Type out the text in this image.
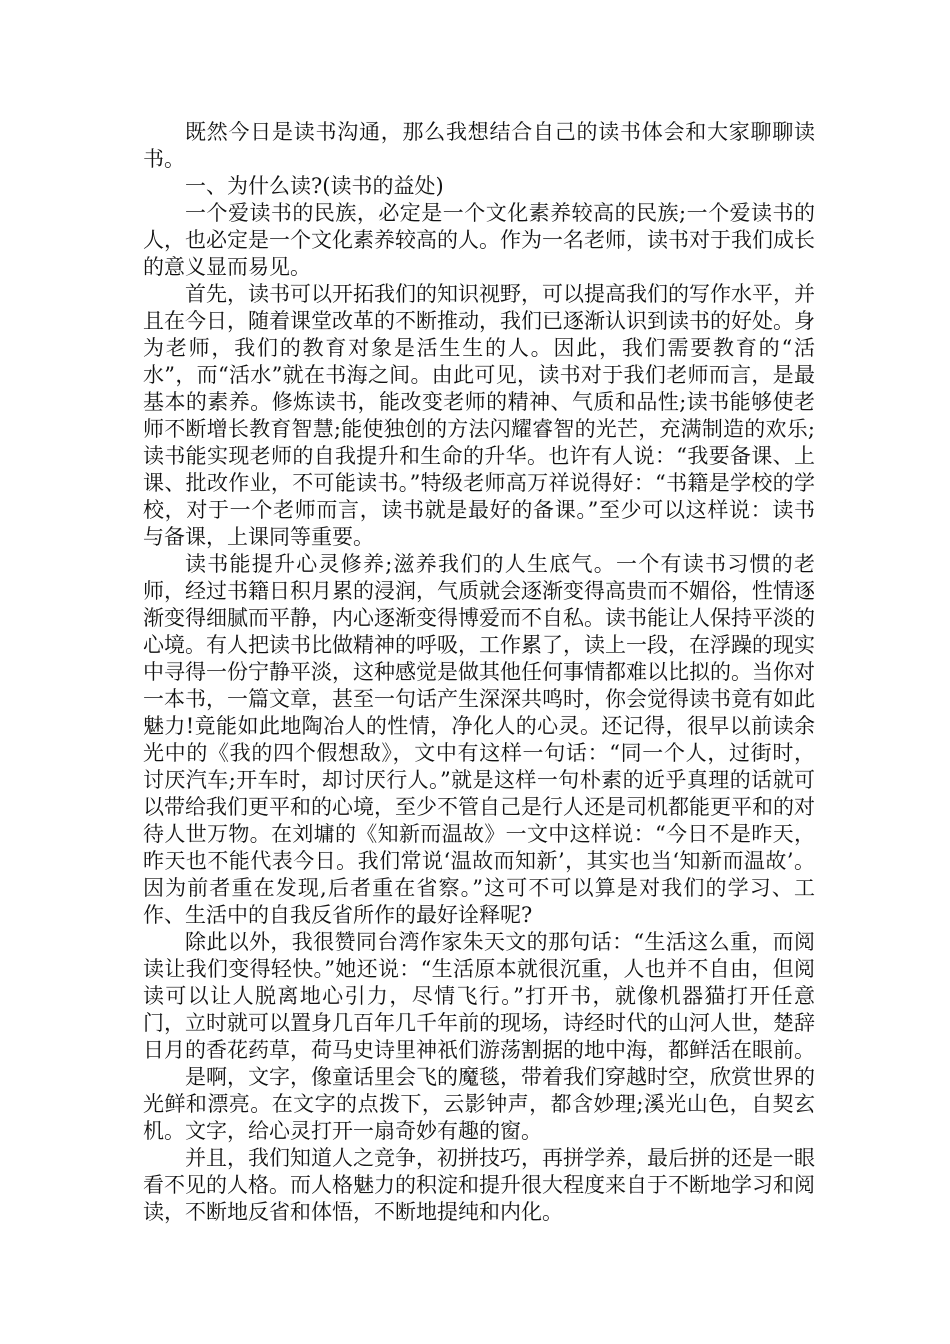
既然今日是读书沟通，那么我想结合自己的读书体会和大家聊聊读书。

一、为什么读?(读书的益处)

一个爱读书的民族，必定是一个文化素养较高的民族;一个爱读书的人，也必定是一个文化素养较高的人。作为一名老师，读书对于我们成长的意义显而易见。

首先，读书可以开拓我们的知识视野，可以提高我们的写作水平，并且在今日，随着课堂改革的不断推动，我们已逐渐认识到读书的好处。身为老师，我们的教育对象是活生生的人。因此，我们需要教育的“活水”，而“活水”就在书海之间。由此可见，读书对于我们老师而言，是最基本的素养。修炼读书，能改变老师的精神、气质和品性;读书能够使老师不断增长教育智慧;能使独创的方法闪耀睿智的光芒，充满制造的欢乐;读书能实现老师的自我提升和生命的升华。也许有人说：“我要备课、上课、批改作业，不可能读书。”特级老师高万祥说得好：“书籍是学校的学校，对于一个老师而言，读书就是最好的备课。”至少可以这样说：读书与备课，上课同等重要。

读书能提升心灵修养;滋养我们的人生底气。一个有读书习惯的老师，经过书籍日积月累的浸润，气质就会逐渐变得高贵而不媚俗，性情逐渐变得细腻而平静，内心逐渐变得博爱而不自私。读书能让人保持平淡的心境。有人把读书比做精神的呼吸，工作累了，读上一段，在浮躁的现实中寻得一份宁静平淡，这种感觉是做其他任何事情都难以比拟的。当你对一本书，一篇文章，甚至一句话产生深深共鸣时，你会觉得读书竟有如此魅力!竟能如此地陶冶人的性情，净化人的心灵。还记得，很早以前读余光中的《我的四个假想敌》，文中有这样一句话：“同一个人，过街时，讨厌汽车;开车时，却讨厌行人。”就是这样一句朴素的近乎真理的话就可以带给我们更平和的心境，至少不管自己是行人还是司机都能更平和的对待人世万物。在刘墉的《知新而温故》一文中这样说：“今日不是昨天，昨天也不能代表今日。我们常说‘温故而知新’，其实也当‘知新而温故’。因为前者重在发现,后者重在省察。”这可不可以算是对我们的学习、工作、生活中的自我反省所作的最好诠释呢?

除此以外，我很赞同台湾作家朱天文的那句话：“生活这么重，而阅读让我们变得轻快。”她还说：“生活原本就很沉重，人也并不自由，但阅读可以让人脱离地心引力，尽情飞行。”打开书，就像机器猫打开任意门，立时就可以置身几百年几千年前的现场，诗经时代的山河人世，楚辞日月的香花药草，荷马史诗里神祇们游荡割据的地中海，都鲜活在眼前。

是啊，文字，像童话里会飞的魔毯，带着我们穿越时空，欣赏世界的光鲜和漂亮。在文字的点拨下，云影钟声，都含妙理;溪光山色，自契玄机。文字，给心灵打开一扇奇妙有趣的窗。

并且，我们知道人之竞争，初拼技巧，再拼学养，最后拼的还是一眼看不见的人格。而人格魅力的积淀和提升很大程度来自于不断地学习和阅读，不断地反省和体悟，不断地提纯和内化。
